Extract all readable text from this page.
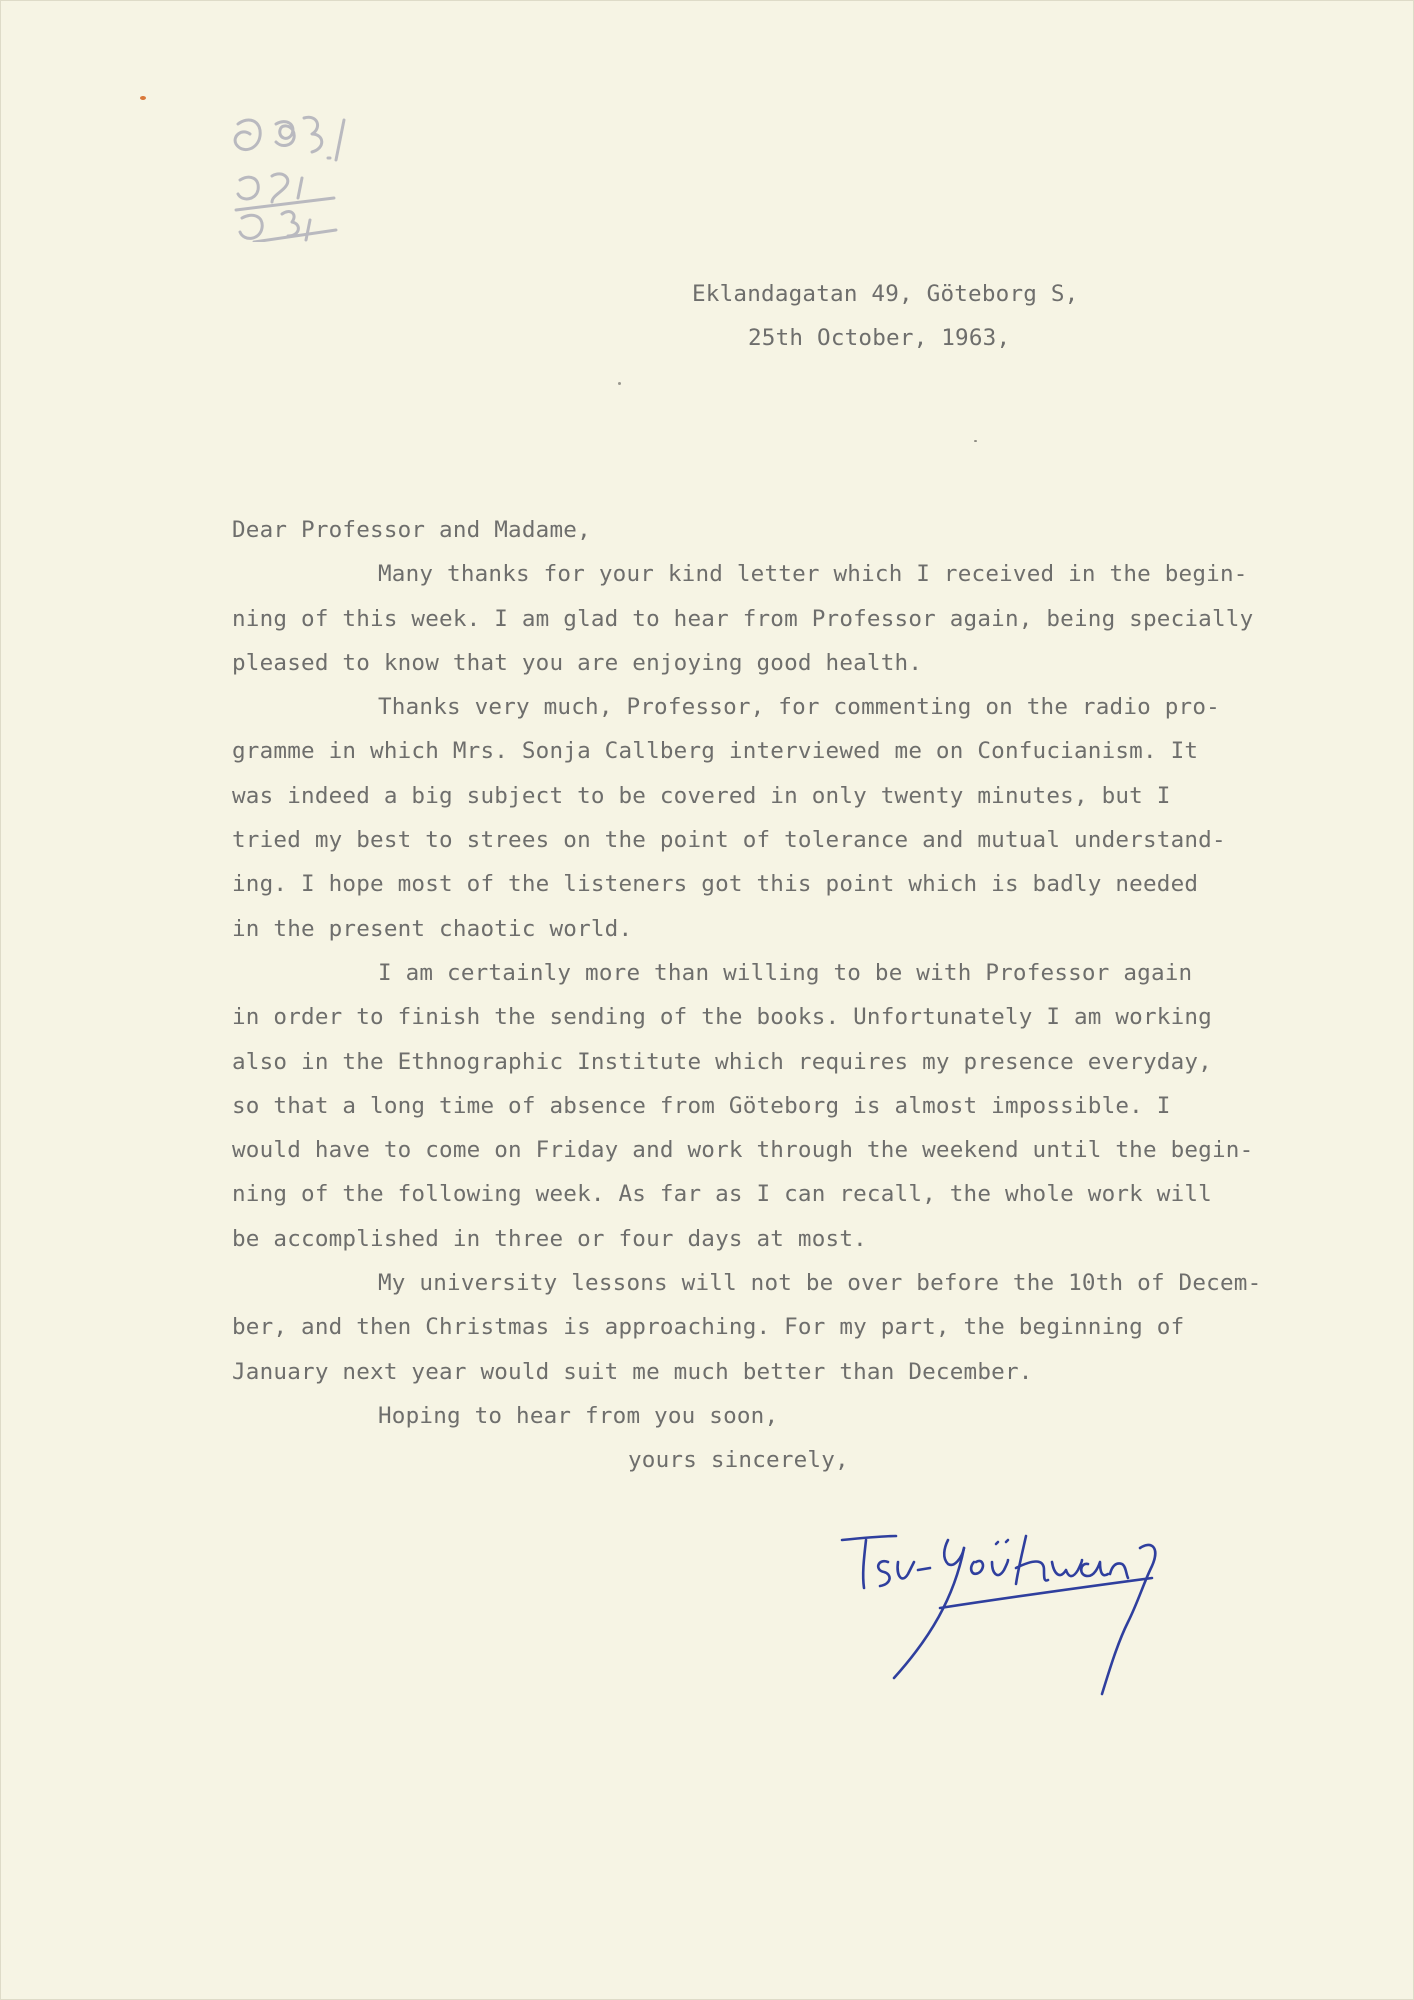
Eklandagatan 49, Göteborg S,

25th October, 1963,

Dear Professor and Madame,
Many thanks for your kind letter which I received in the begin-
ning of this week. I am glad to hear from Professor again, being specially
pleased to know that you are enjoying good health.
Thanks very much, Professor, for commenting on the radio pro-
gramme in which Mrs. Sonja Callberg interviewed me on Confucianism. It
was indeed a big subject to be covered in only twenty minutes, but I
tried my best to strees on the point of tolerance and mutual understand-
ing. I hope most of the listeners got this point which is badly needed
in the present chaotic world.
I am certainly more than willing to be with Professor again
in order to finish the sending of the books. Unfortunately I am working
also in the Ethnographic Institute which requires my presence everyday,
so that a long time of absence from Göteborg is almost impossible. I
would have to come on Friday and work through the weekend until the begin-
ning of the following week. As far as I can recall, the whole work will
be accomplished in three or four days at most.
My university lessons will not be over before the 10th of Decem-
ber, and then Christmas is approaching. For my part, the beginning of
January next year would suit me much better than December.
Hoping to hear from you soon,
yours sincerely,
